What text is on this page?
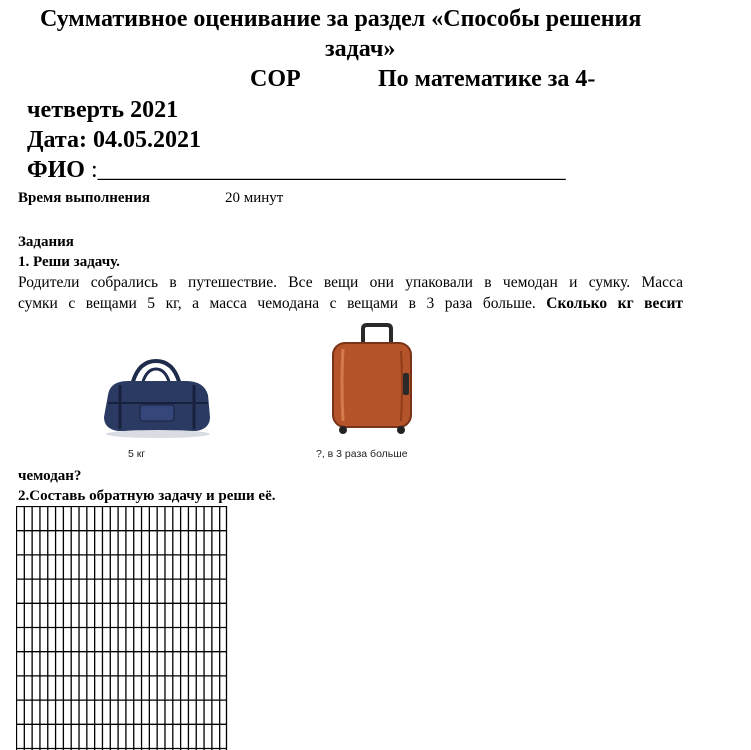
Суммативное оценивание за раздел «Способы решения
задач»
СОР	По математике за 4-
четверть 2021
Дата: 04.05.2021
ФИО :_______________________________________
Время выполнения	20 минут
Задания
1. Реши задачу.
Родители собрались в путешествие. Все вещи они упаковали в чемодан и сумку. Масса
сумки с вещами 5 кг, а масса чемодана с вещами в 3 раза больше. Сколько кг весит
5 кг	?, в 3 раза больше
чемодан?
2.Составь обратную задачу и реши её.
